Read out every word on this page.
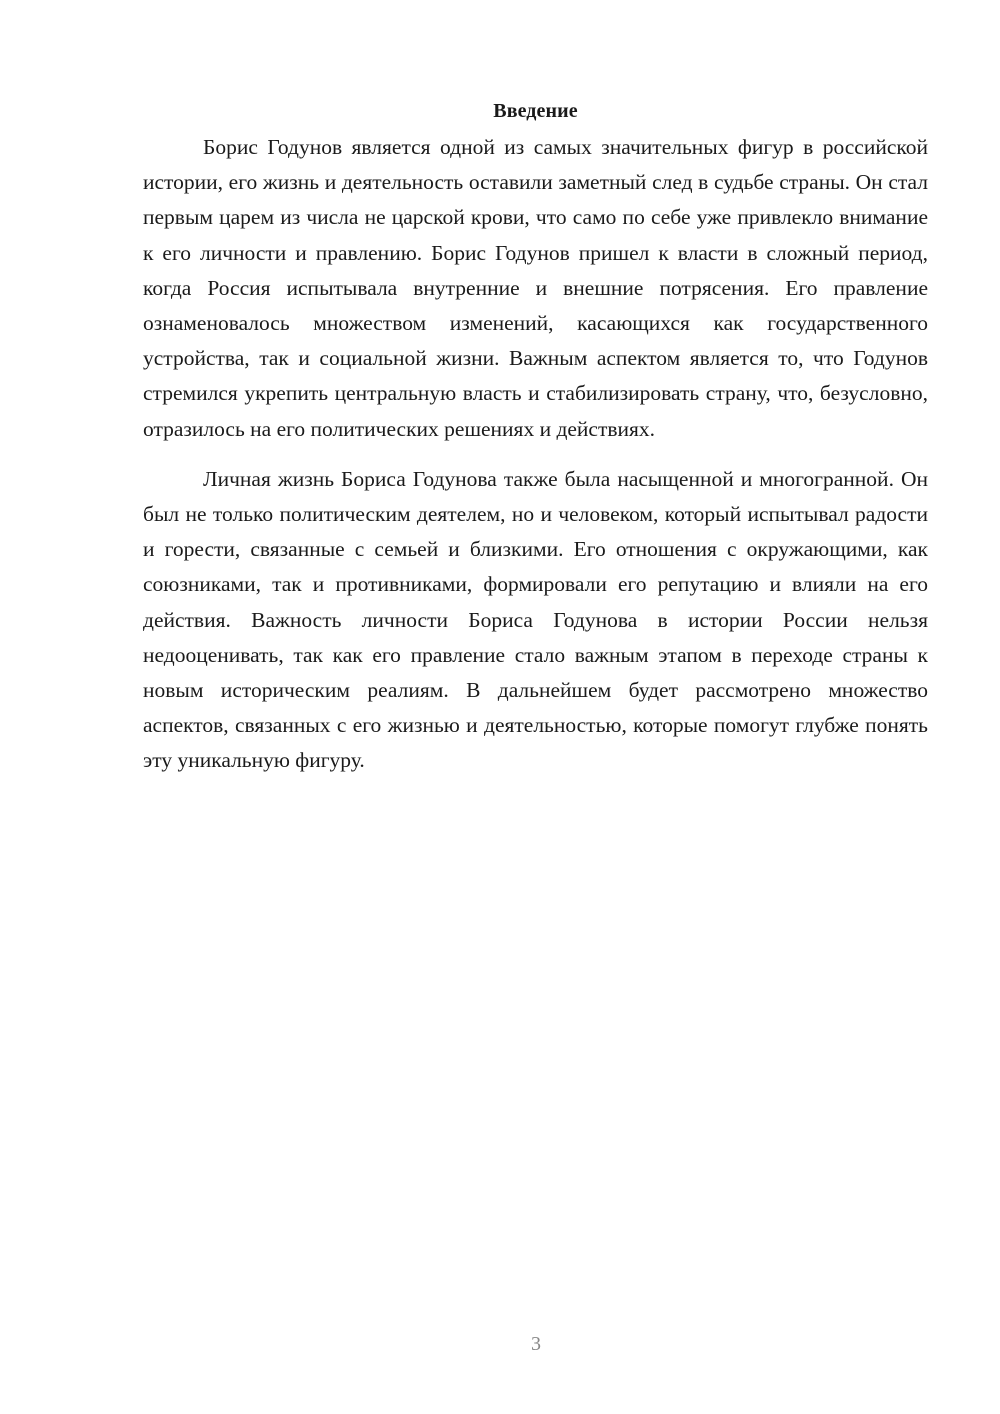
Введение

Борис Годунов является одной из самых значительных фигур в российской истории, его жизнь и деятельность оставили заметный след в судьбе страны. Он стал первым царем из числа не царской крови, что само по себе уже привлекло внимание к его личности и правлению. Борис Годунов пришел к власти в сложный период, когда Россия испытывала внутренние и внешние потрясения. Его правление ознаменовалось множеством изменений, касающихся как государственного устройства, так и социальной жизни. Важным аспектом является то, что Годунов стремился укрепить центральную власть и стабилизировать страну, что, безусловно, отразилось на его политических решениях и действиях.

Личная жизнь Бориса Годунова также была насыщенной и многогранной. Он был не только политическим деятелем, но и человеком, который испытывал радости и горести, связанные с семьей и близкими. Его отношения с окружающими, как союзниками, так и противниками, формировали его репутацию и влияли на его действия. Важность личности Бориса Годунова в истории России нельзя недооценивать, так как его правление стало важным этапом в переходе страны к новым историческим реалиям. В дальнейшем будет рассмотрено множество аспектов, связанных с его жизнью и деятельностью, которые помогут глубже понять эту уникальную фигуру.

3
